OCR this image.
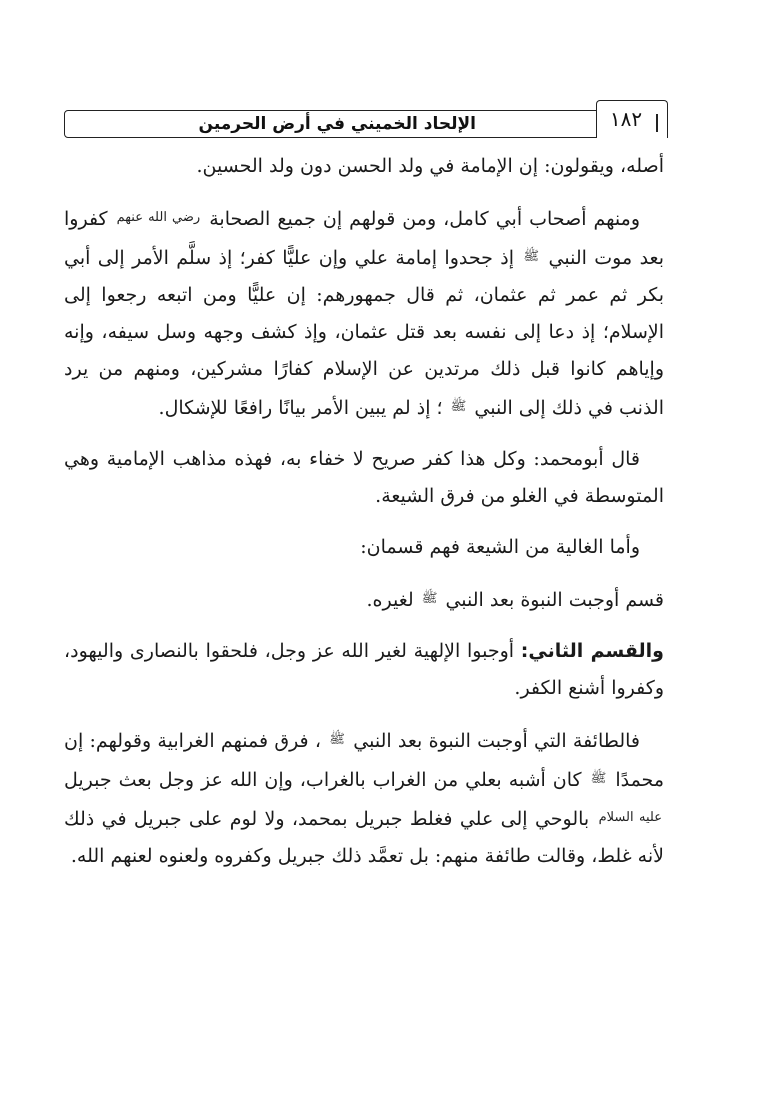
الإلحاد الخميني في أرض الحرمين	١٨٢

أصله، ويقولون: إن الإمامة في ولد الحسن دون ولد الحسين.

ومنهم أصحاب أبي كامل، ومن قولهم إن جميع الصحابة $^{رضي الله عنهم}$ كفروا بعد موت النبي $^ﷺ$ إذ جحدوا إمامة علي وإن عليًّا كفر؛ إذ سلَّم الأمر إلى أبي بكر ثم عمر ثم عثمان، ثم قال جمهورهم: إن عليًّا ومن اتبعه رجعوا إلى الإسلام؛ إذ دعا إلى نفسه بعد قتل عثمان، وإذ كشف وجهه وسل سيفه، وإنه وإياهم كانوا قبل ذلك مرتدين عن الإسلام كفارًا مشركين، ومنهم من يرد الذنب في ذلك إلى النبي $^ﷺ$ ؛ إذ لم يبين الأمر بيانًا رافعًا للإشكال.

قال أبومحمد: وكل هذا كفر صريح لا خفاء به، فهذه مذاهب الإمامية وهي المتوسطة في الغلو من فرق الشيعة.

وأما الغالية من الشيعة فهم قسمان:

قسم أوجبت النبوة بعد النبي $^ﷺ$ لغيره.

والقسم الثاني: أوجبوا الإلهية لغير الله عز وجل، فلحقوا بالنصارى واليهود، وكفروا أشنع الكفر.

فالطائفة التي أوجبت النبوة بعد النبي $^ﷺ$ ، فرق فمنهم الغرابية وقولهم: إن محمدًا $^ﷺ$ كان أشبه بعلي من الغراب بالغراب، وإن الله عز وجل بعث جبريل $^{عليه السلام}$ بالوحي إلى علي فغلط جبريل بمحمد، ولا لوم على جبريل في ذلك لأنه غلط، وقالت طائفة منهم: بل تعمَّد ذلك جبريل وكفروه ولعنوه لعنهم الله.
